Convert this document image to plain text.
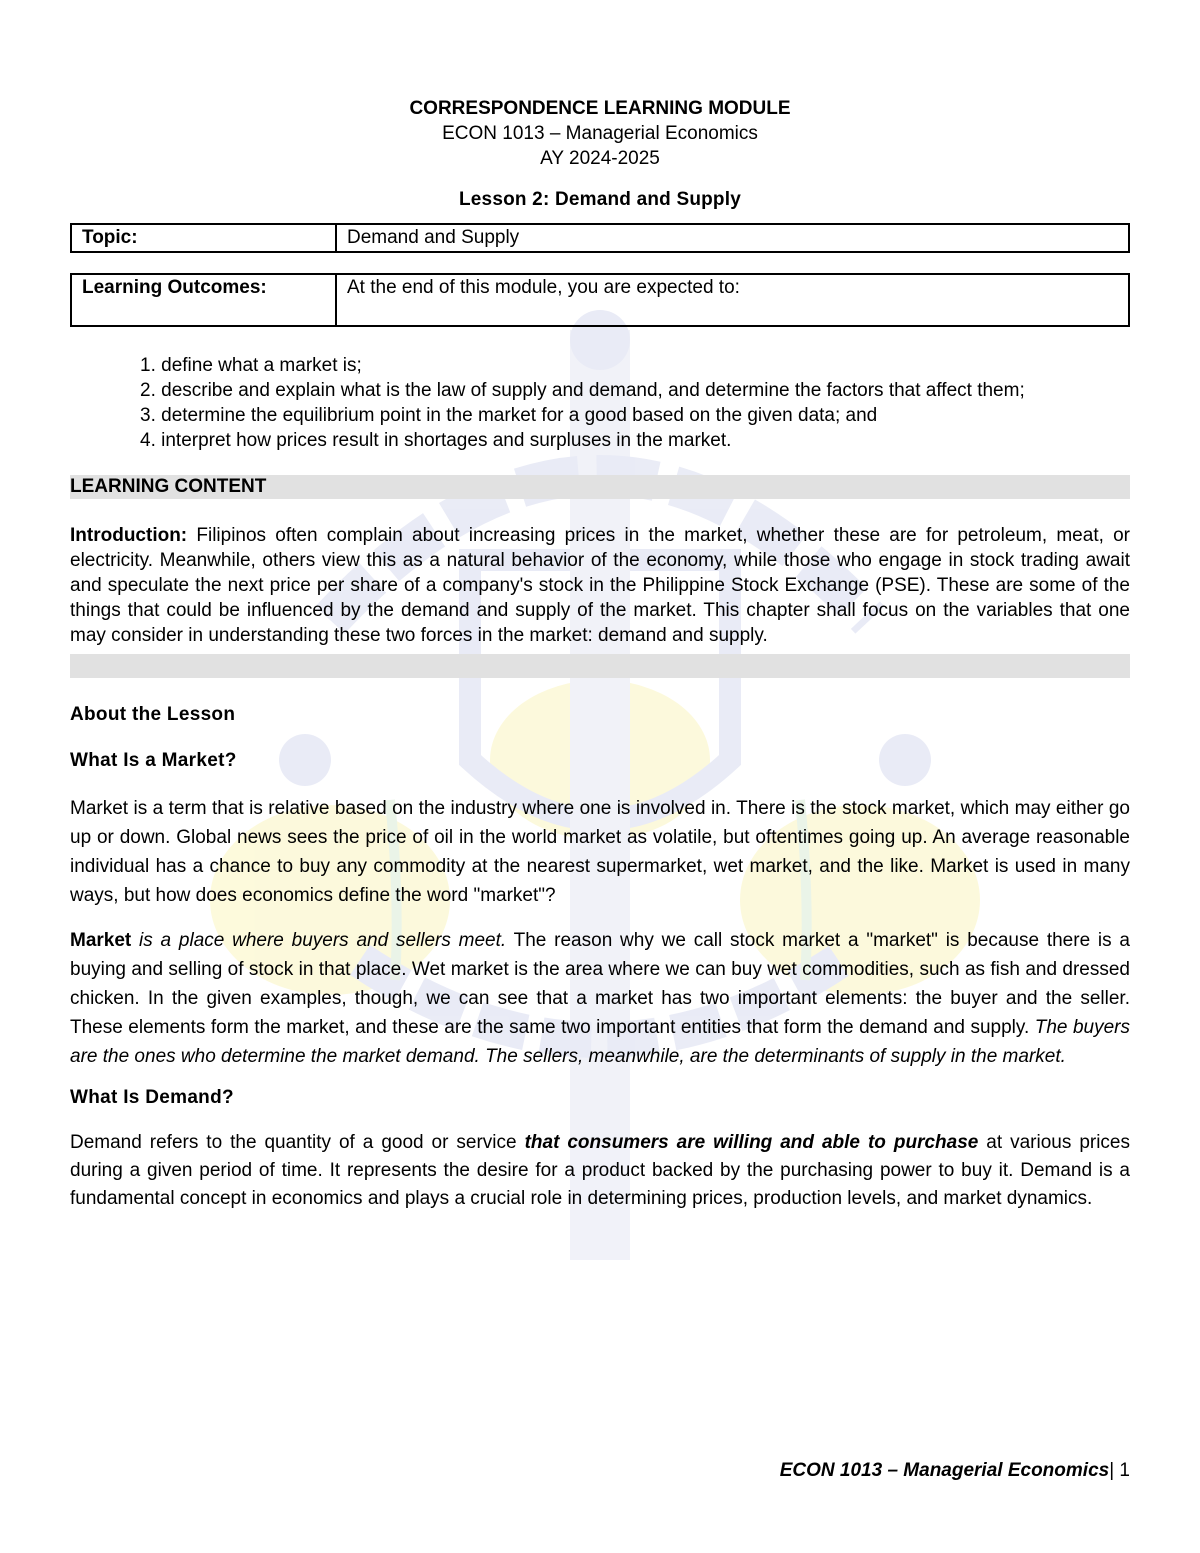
CORRESPONDENCE LEARNING MODULE
ECON 1013 – Managerial Economics
AY 2024-2025
Lesson 2: Demand and Supply
Topic:	Demand and Supply
Learning Outcomes:	At the end of this module, you are expected to:
1. define what a market is;
2. describe and explain what is the law of supply and demand, and determine the factors that affect them;
3. determine the equilibrium point in the market for a good based on the given data; and
4. interpret how prices result in shortages and surpluses in the market.
LEARNING CONTENT
Introduction: Filipinos often complain about increasing prices in the market, whether these are for petroleum, meat, or electricity. Meanwhile, others view this as a natural behavior of the economy, while those who engage in stock trading await and speculate the next price per share of a company's stock in the Philippine Stock Exchange (PSE). These are some of the things that could be influenced by the demand and supply of the market. This chapter shall focus on the variables that one may consider in understanding these two forces in the market: demand and supply.
About the Lesson
What Is a Market?

Market is a term that is relative based on the industry where one is involved in. There is the stock market, which may either go up or down. Global news sees the price of oil in the world market as volatile, but oftentimes going up. An average reasonable individual has a chance to buy any commodity at the nearest supermarket, wet market, and the like. Market is used in many ways, but how does economics define the word "market"?

Market is a place where buyers and sellers meet. The reason why we call stock market a "market" is because there is a buying and selling of stock in that place. Wet market is the area where we can buy wet commodities, such as fish and dressed chicken. In the given examples, though, we can see that a market has two important elements: the buyer and the seller. These elements form the market, and these are the same two important entities that form the demand and supply. The buyers are the ones who determine the market demand. The sellers, meanwhile, are the determinants of supply in the market.

What Is Demand?

Demand refers to the quantity of a good or service that consumers are willing and able to purchase at various prices during a given period of time. It represents the desire for a product backed by the purchasing power to buy it. Demand is a fundamental concept in economics and plays a crucial role in determining prices, production levels, and market dynamics.

ECON 1013 – Managerial Economics| 1
